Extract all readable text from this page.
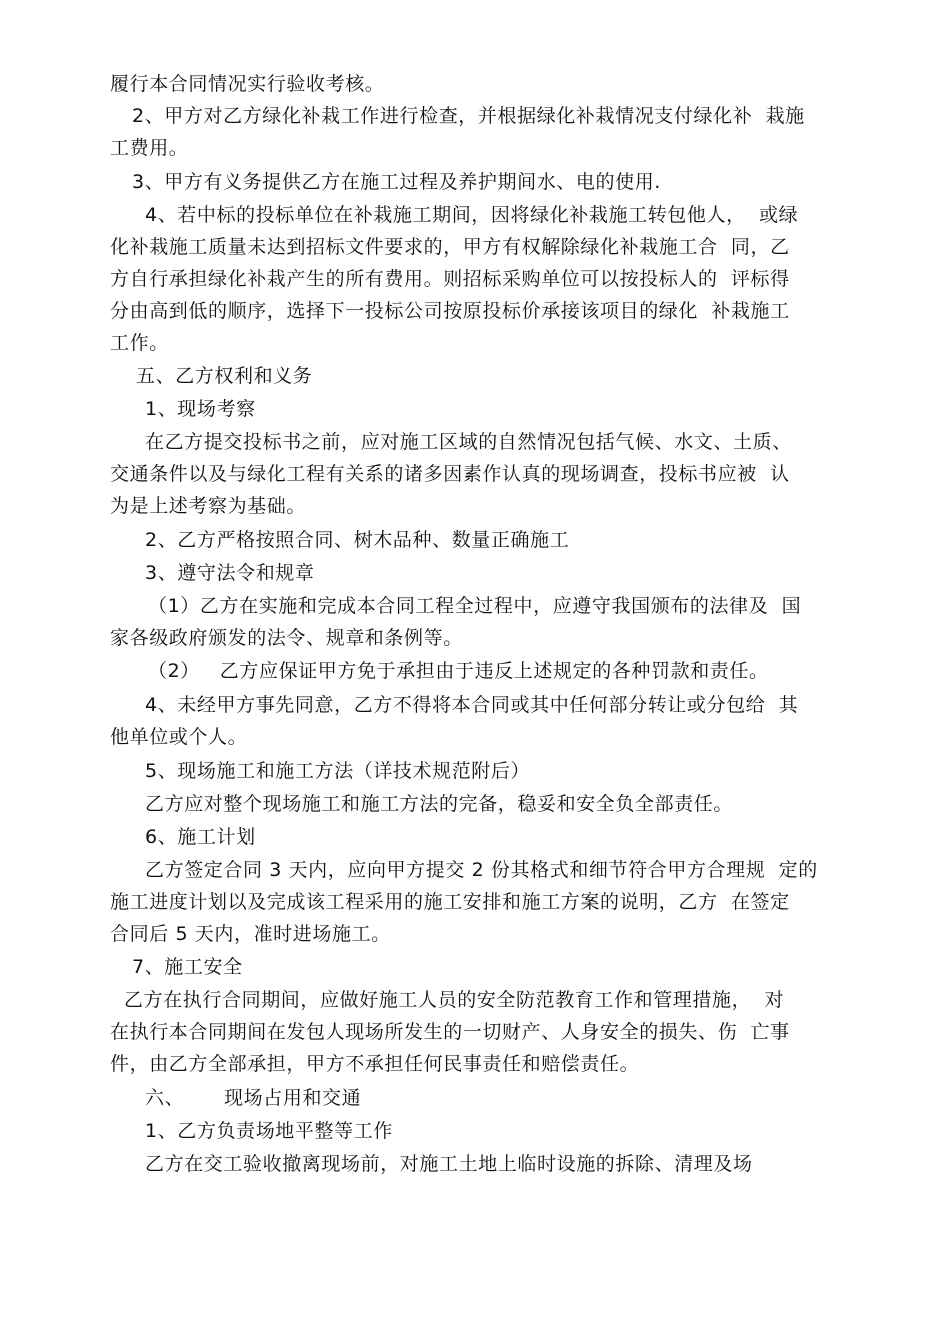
履行本合同情况实行验收考核。
2、甲方对乙方绿化补栽工作进行检查，并根据绿化补栽情况支付绿化补  栽施
工费用。
3、甲方有义务提供乙方在施工过程及养护期间水、电的使用.
4、若中标的投标单位在补栽施工期间，因将绿化补栽施工转包他人，  或绿
化补栽施工质量未达到招标文件要求的，甲方有权解除绿化补栽施工合  同，乙
方自行承担绿化补栽产生的所有费用。则招标采购单位可以按投标人的  评标得
分由高到低的顺序，选择下一投标公司按原投标价承接该项目的绿化  补栽施工
工作。
五、乙方权利和义务
1、现场考察
在乙方提交投标书之前，应对施工区域的自然情况包括气候、水文、土质、
交通条件以及与绿化工程有关系的诸多因素作认真的现场调查，投标书应被  认
为是上述考察为基础。
2、乙方严格按照合同、树木品种、数量正确施工
3、遵守法令和规章
（1）乙方在实施和完成本合同工程全过程中，应遵守我国颁布的法律及  国
家各级政府颁发的法令、规章和条例等。
（2）   乙方应保证甲方免于承担由于违反上述规定的各种罚款和责任。
4、未经甲方事先同意，乙方不得将本合同或其中任何部分转让或分包给  其
他单位或个人。
5、现场施工和施工方法（详技术规范附后）
乙方应对整个现场施工和施工方法的完备，稳妥和安全负全部责任。
6、施工计划
乙方签定合同 3 天内，应向甲方提交 2 份其格式和细节符合甲方合理规  定的
施工进度计划以及完成该工程采用的施工安排和施工方案的说明，乙方  在签定
合同后 5 天内，准时进场施工。
7、施工安全
乙方在执行合同期间，应做好施工人员的安全防范教育工作和管理措施，  对
在执行本合同期间在发包人现场所发生的一切财产、人身安全的损失、伤  亡事
件，由乙方全部承担，甲方不承担任何民事责任和赔偿责任。
六、      现场占用和交通
1、乙方负责场地平整等工作
乙方在交工验收撤离现场前，对施工土地上临时设施的拆除、清理及场
